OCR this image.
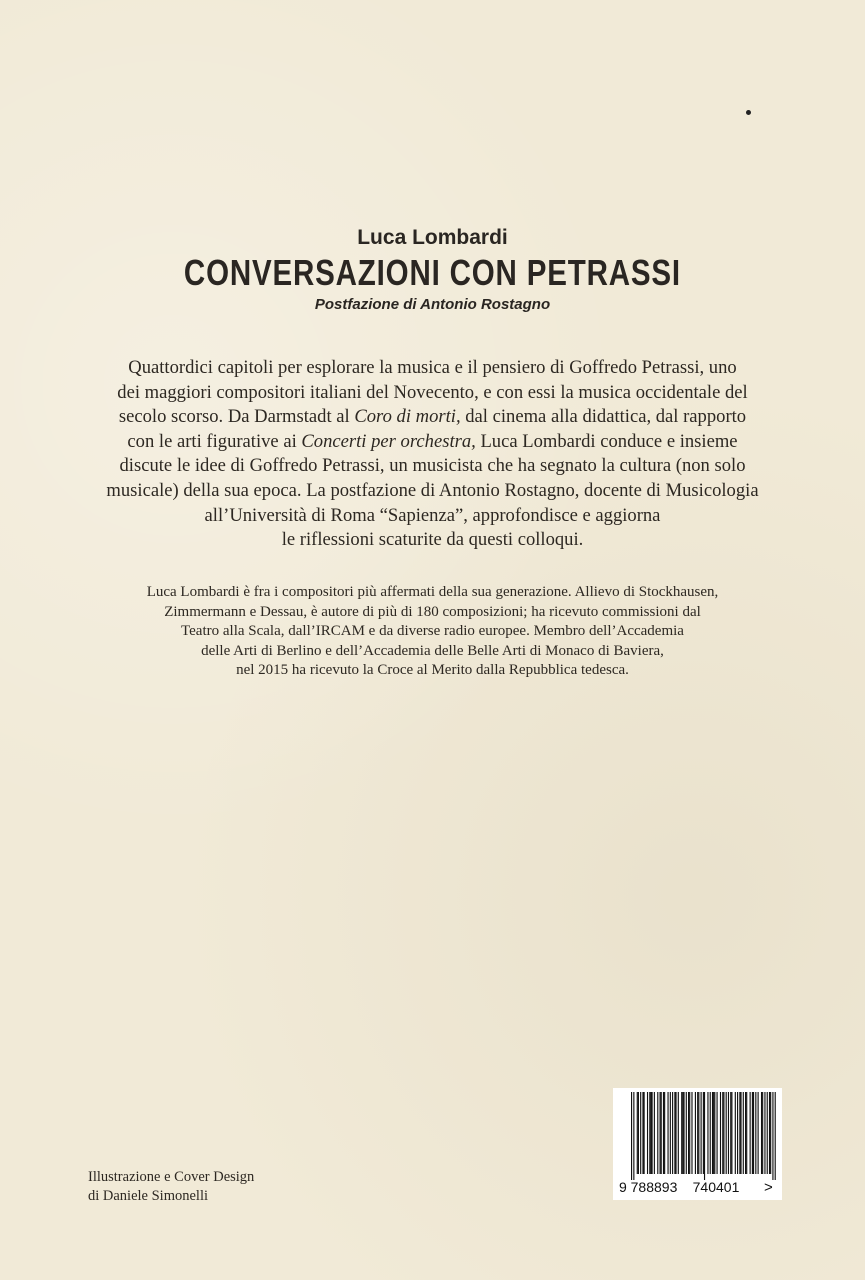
Luca Lombardi
CONVERSAZIONI CON PETRASSI
Postfazione di Antonio Rostagno
Quattordici capitoli per esplorare la musica e il pensiero di Goffredo Petrassi, uno
dei maggiori compositori italiani del Novecento, e con essi la musica occidentale del
secolo scorso. Da Darmstadt al Coro di morti, dal cinema alla didattica, dal rapporto
con le arti figurative ai Concerti per orchestra, Luca Lombardi conduce e insieme
discute le idee di Goffredo Petrassi, un musicista che ha segnato la cultura (non solo
musicale) della sua epoca. La postfazione di Antonio Rostagno, docente di Musicologia
all’Università di Roma “Sapienza”, approfondisce e aggiorna
le riflessioni scaturite da questi colloqui.
Luca Lombardi è fra i compositori più affermati della sua generazione. Allievo di Stockhausen,
Zimmermann e Dessau, è autore di più di 180 composizioni; ha ricevuto commissioni dal
Teatro alla Scala, dall’IRCAM e da diverse radio europee. Membro dell’Accademia
delle Arti di Berlino e dell’Accademia delle Belle Arti di Monaco di Baviera,
nel 2015 ha ricevuto la Croce al Merito dalla Repubblica tedesca.
Illustrazione e Cover Design
di Daniele Simonelli
9 788893 740401 >
